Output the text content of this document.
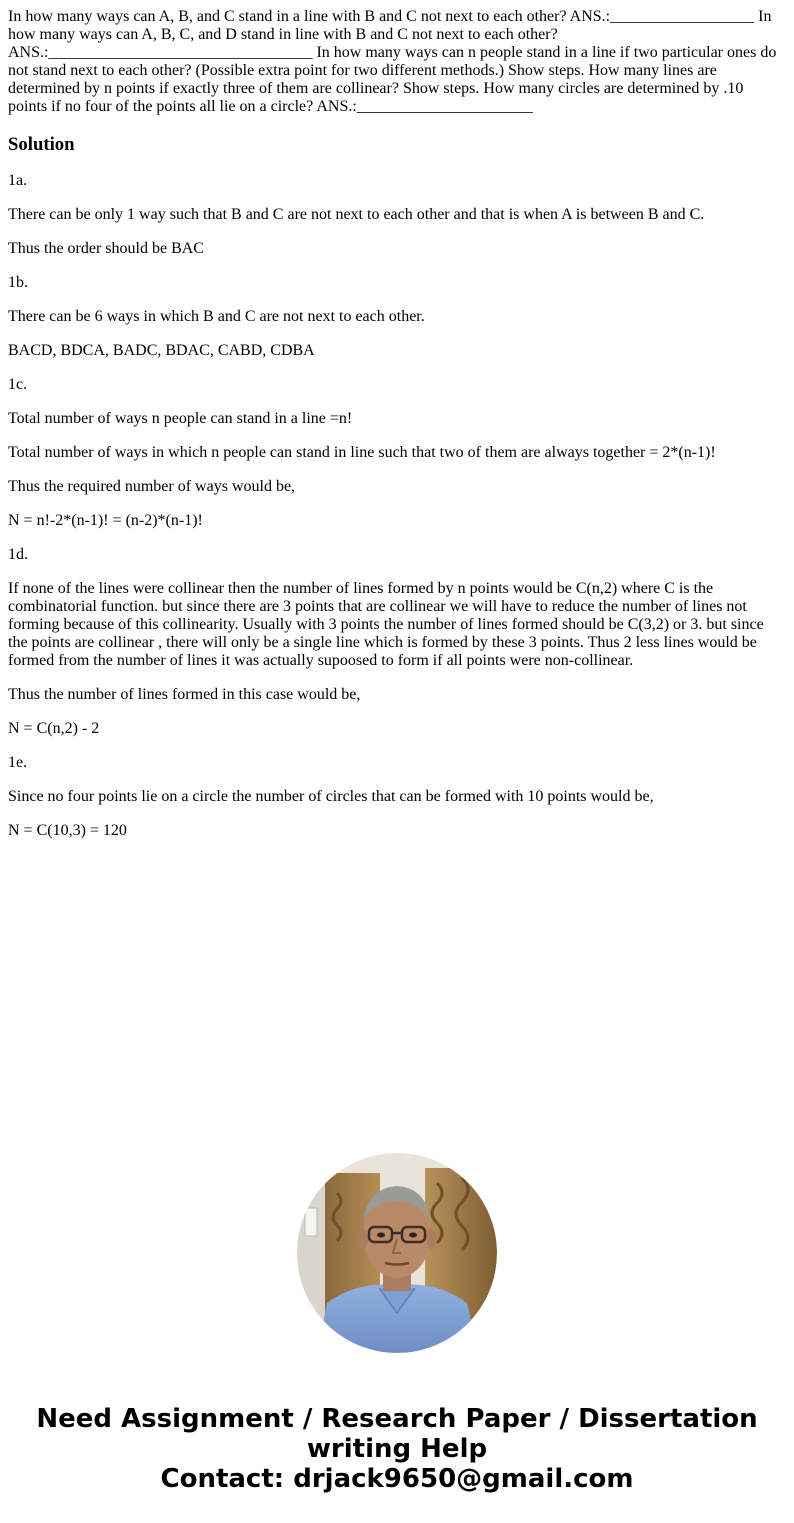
In how many ways can A, B, and C stand in a line with B and C not next to each other? ANS.:__________________ In how many ways can A, B, C, and D stand in line with B and C not next to each other? ANS.:_________________________________ In how many ways can n people stand in a line if two particular ones do not stand next to each other? (Possible extra point for two different methods.) Show steps. How many lines are determined by n points if exactly three of them are collinear? Show steps. How many circles are determined by .10 points if no four of the points all lie on a circle? ANS.:______________________

Solution

1a.

There can be only 1 way such that B and C are not next to each other and that is when A is between B and C.

Thus the order should be BAC

1b.

There can be 6 ways in which B and C are not next to each other.

BACD, BDCA, BADC, BDAC, CABD, CDBA

1c.

Total number of ways n people can stand in a line =n!

Total number of ways in which n people can stand in line such that two of them are always together = 2*(n-1)!

Thus the required number of ways would be,

N = n!-2*(n-1)! = (n-2)*(n-1)!

1d.

If none of the lines were collinear then the number of lines formed by n points would be C(n,2) where C is the combinatorial function. but since there are 3 points that are collinear we will have to reduce the number of lines not forming because of this collinearity. Usually with 3 points the number of lines formed should be C(3,2) or 3. but since the points are collinear , there will only be a single line which is formed by these 3 points. Thus 2 less lines would be formed from the number of lines it was actually supoosed to form if all points were non-collinear.

Thus the number of lines formed in this case would be,

N = C(n,2) - 2

1e.

Since no four points lie on a circle the number of circles that can be formed with 10 points would be,

N = C(10,3) = 120

Need Assignment / Research Paper / Dissertation
writing Help
Contact: drjack9650@gmail.com
